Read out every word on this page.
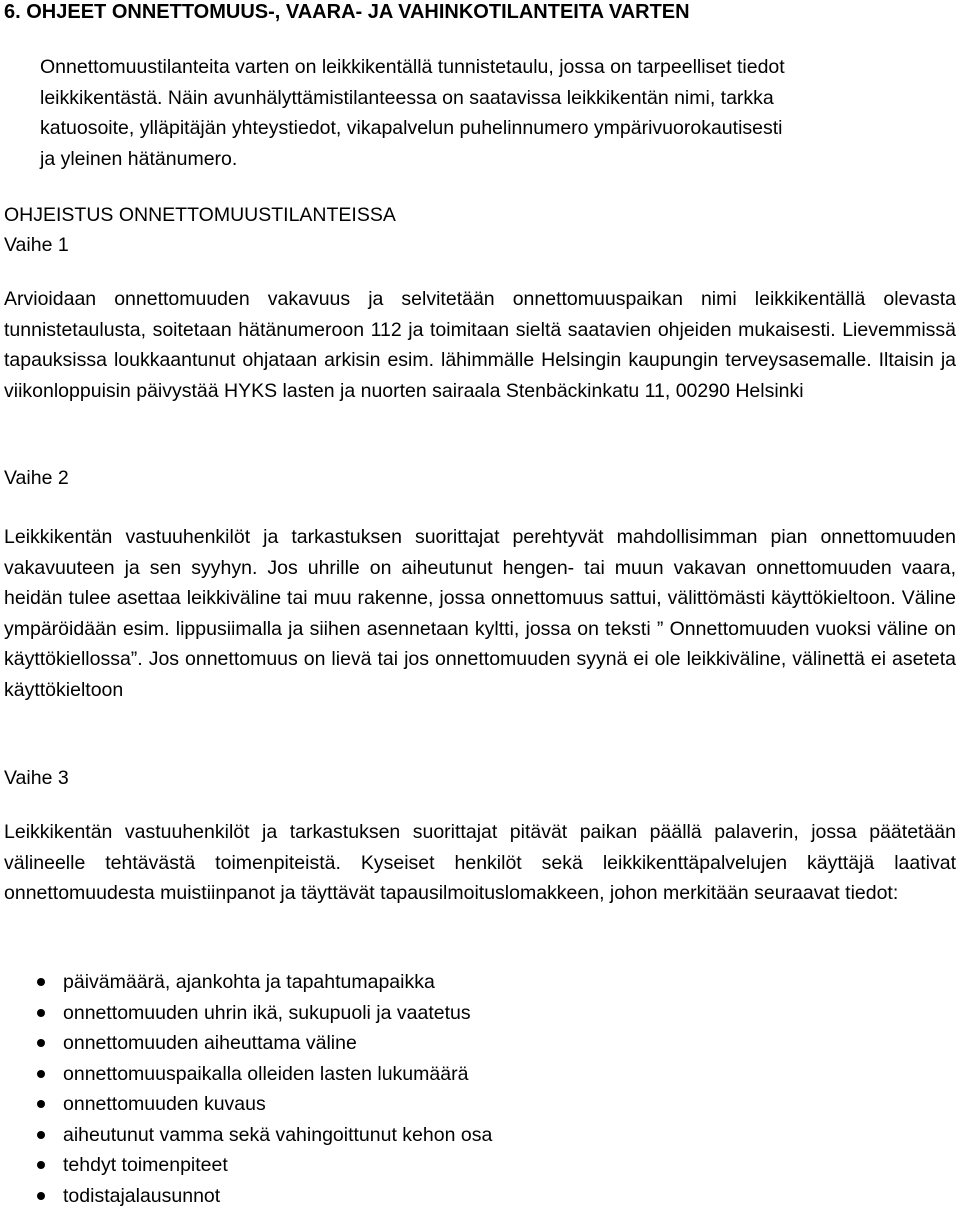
6. OHJEET ONNETTOMUUS-, VAARA- JA VAHINKOTILANTEITA VARTEN
Onnettomuustilanteita varten on leikkikentällä tunnistetaulu, jossa on tarpeelliset tiedot
leikkikentästä. Näin avunhälyttämistilanteessa on saatavissa leikkikentän nimi, tarkka
katuosoite, ylläpitäjän yhteystiedot, vikapalvelun puhelinnumero ympärivuorokautisesti
ja yleinen hätänumero.
OHJEISTUS ONNETTOMUUSTILANTEISSA
Vaihe 1
Arvioidaan onnettomuuden vakavuus ja selvitetään onnettomuuspaikan nimi leikkikentällä olevasta tunnistetaulusta, soitetaan hätänumeroon 112 ja toimitaan sieltä saatavien ohjeiden mukaisesti. Lievemmissä tapauksissa loukkaantunut ohjataan arkisin esim. lähimmälle Helsingin kaupungin terveysasemalle. Iltaisin ja viikonloppuisin päivystää HYKS lasten ja nuorten sairaala Stenbäckinkatu 11, 00290 Helsinki
Vaihe 2
Leikkikentän vastuuhenkilöt ja tarkastuksen suorittajat perehtyvät mahdollisimman pian onnettomuuden vakavuuteen ja sen syyhyn. Jos uhrille on aiheutunut hengen- tai muun vakavan onnettomuuden vaara, heidän tulee asettaa leikkiväline tai muu rakenne, jossa onnettomuus sattui, välittömästi käyttökieltoon. Väline ympäröidään esim. lippusiimalla ja siihen asennetaan kyltti, jossa on teksti ” Onnettomuuden vuoksi väline on käyttökiellossa”. Jos onnettomuus on lievä tai jos onnettomuuden syynä ei ole leikkiväline, välinettä ei aseteta käyttökieltoon
Vaihe 3
Leikkikentän vastuuhenkilöt ja tarkastuksen suorittajat pitävät paikan päällä palaverin, jossa päätetään välineelle tehtävästä toimenpiteistä. Kyseiset henkilöt sekä leikkikenttäpalvelujen käyttäjä laativat onnettomuudesta muistiinpanot ja täyttävät tapausilmoituslomakkeen, johon merkitään seuraavat tiedot:
päivämäärä, ajankohta ja tapahtumapaikka
onnettomuuden uhrin ikä, sukupuoli ja vaatetus
onnettomuuden aiheuttama väline
onnettomuuspaikalla olleiden lasten lukumäärä
onnettomuuden kuvaus
aiheutunut vamma sekä vahingoittunut kehon osa
tehdyt toimenpiteet
todistajalausunnot
